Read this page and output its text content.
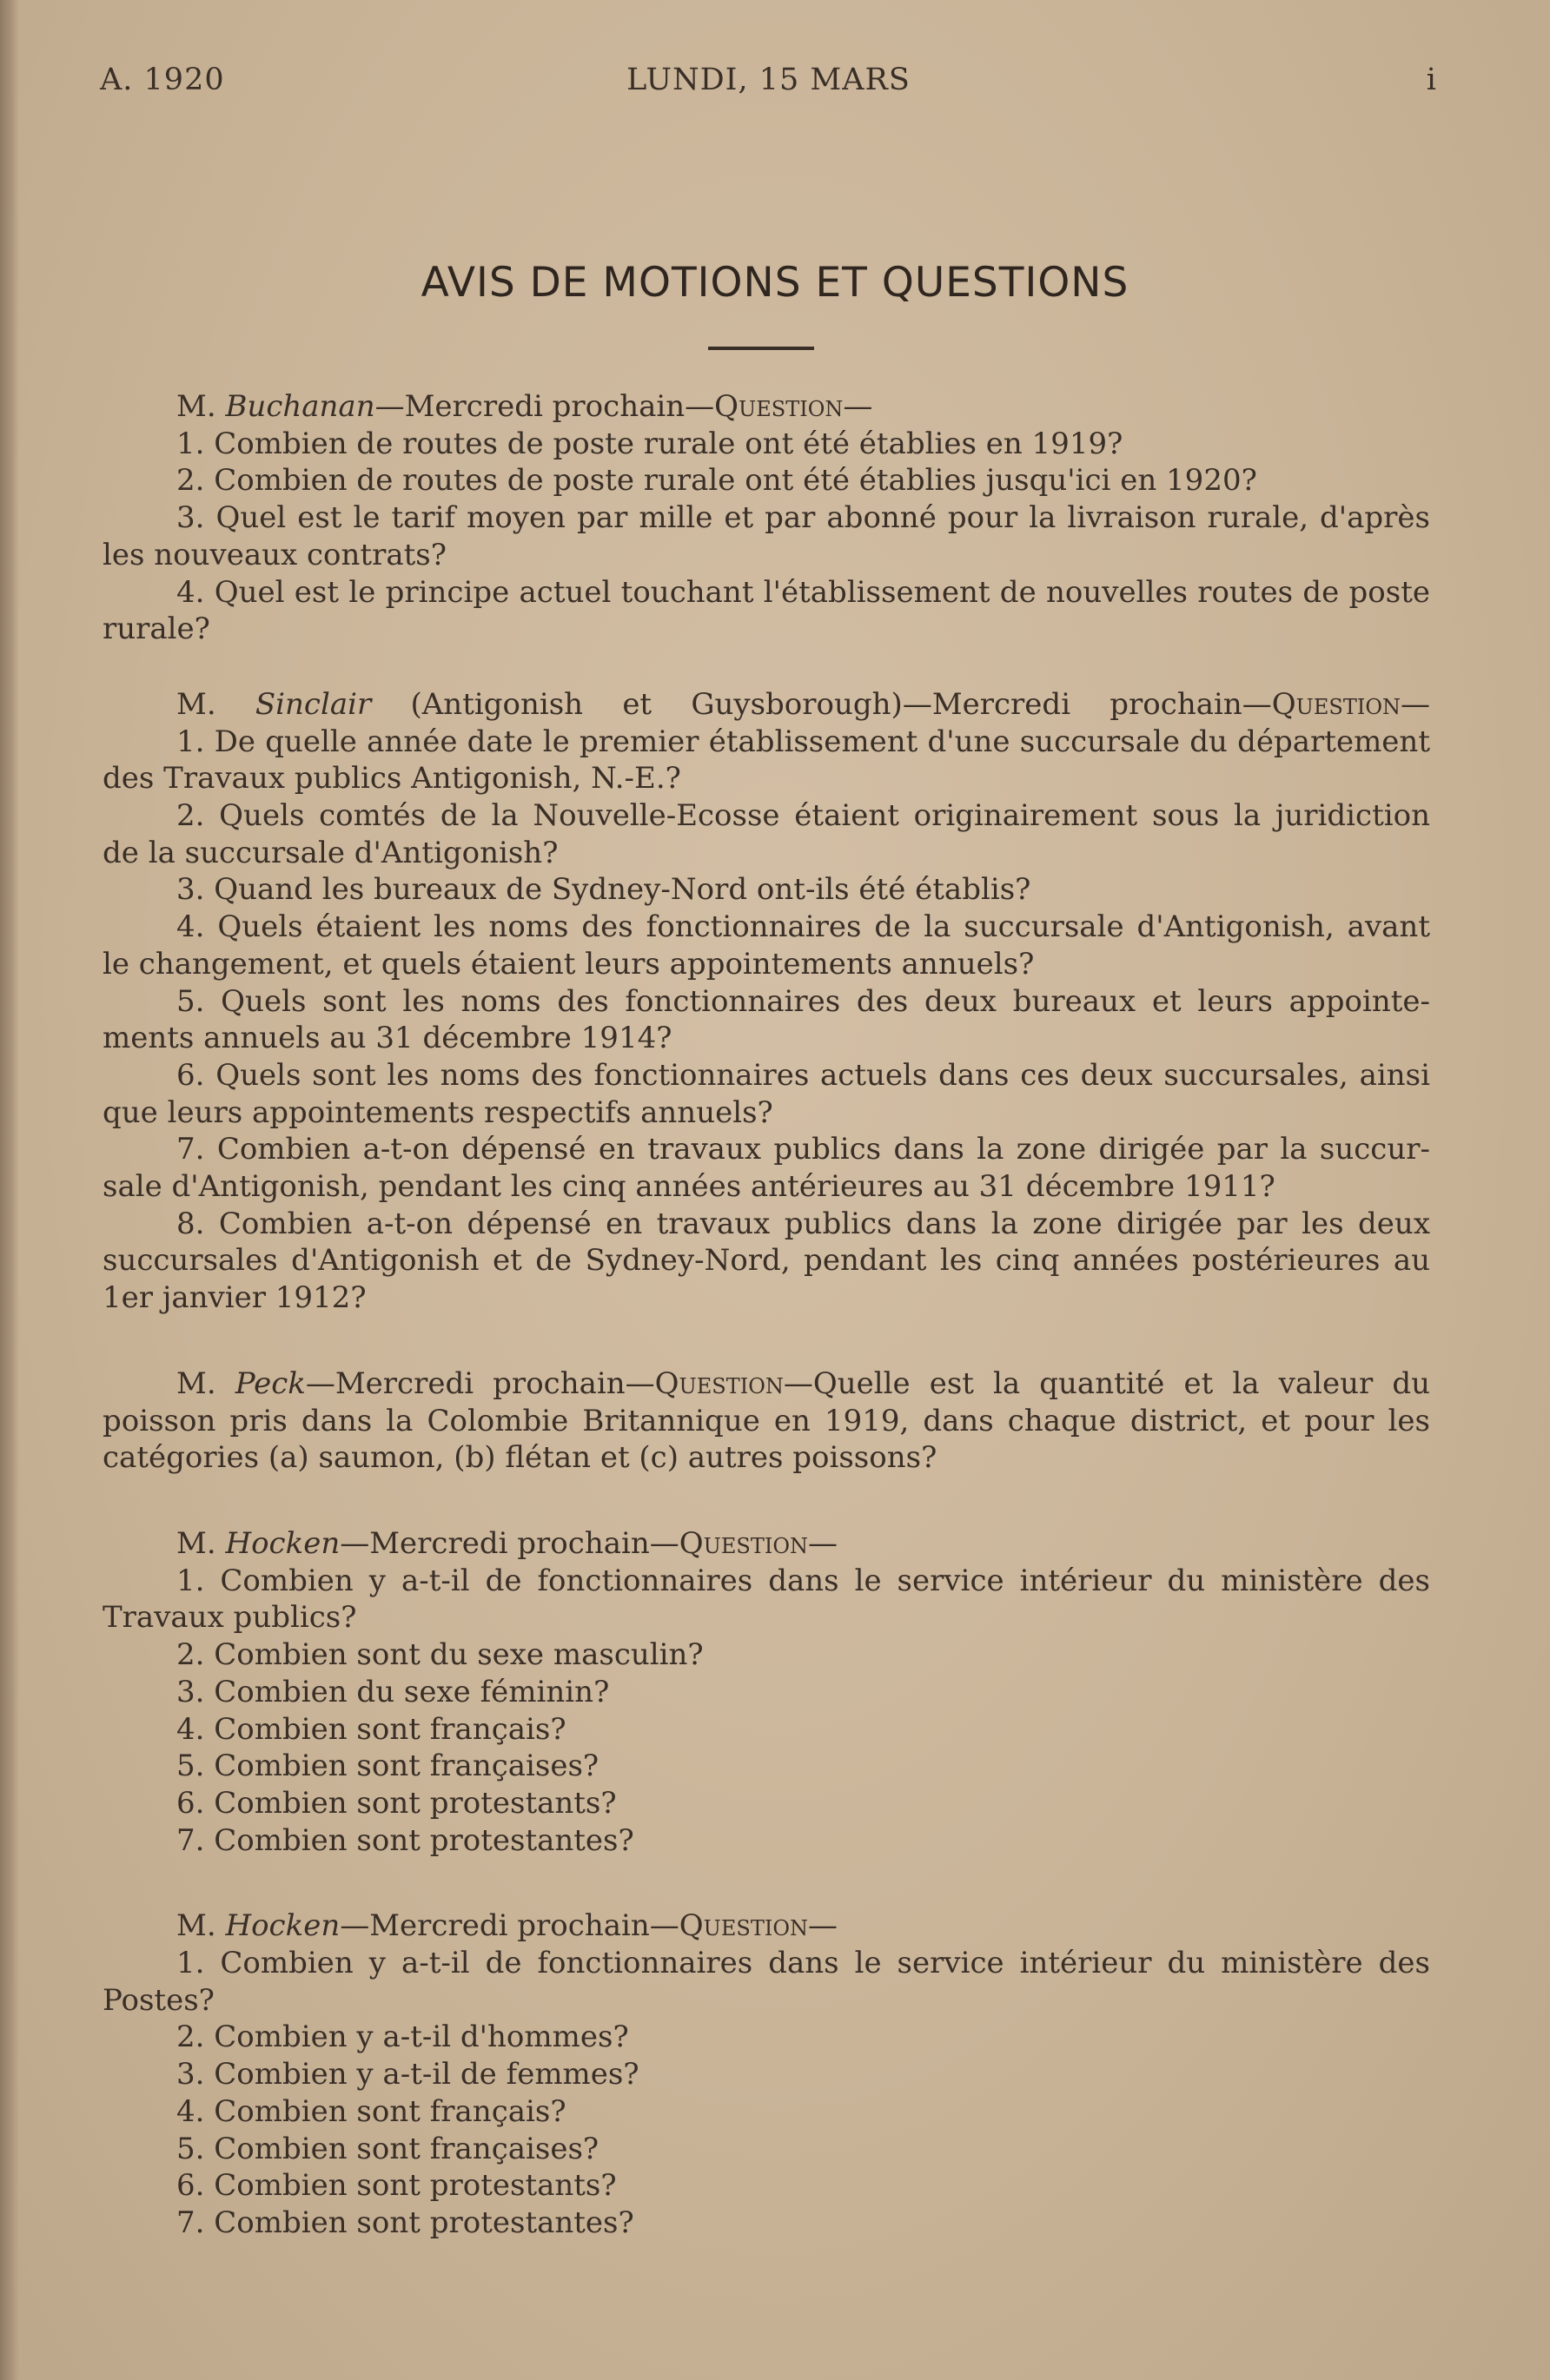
A. 1920	LUNDI, 15 MARS	i
AVIS DE MOTIONS ET QUESTIONS
M. Buchanan—Mercredi prochain—Question—
1. Combien de routes de poste rurale ont été établies en 1919?
2. Combien de routes de poste rurale ont été établies jusqu'ici en 1920?
3. Quel est le tarif moyen par mille et par abonné pour la livraison rurale, d'après
les nouveaux contrats?
4. Quel est le principe actuel touchant l'établissement de nouvelles routes de poste
rurale?
M. Sinclair (Antigonish et Guysborough)—Mercredi prochain—Question—
1. De quelle année date le premier établissement d'une succursale du département
des Travaux publics Antigonish, N.-E.?
2. Quels comtés de la Nouvelle-Ecosse étaient originairement sous la juridiction
de la succursale d'Antigonish?
3. Quand les bureaux de Sydney-Nord ont-ils été établis?
4. Quels étaient les noms des fonctionnaires de la succursale d'Antigonish, avant
le changement, et quels étaient leurs appointements annuels?
5. Quels sont les noms des fonctionnaires des deux bureaux et leurs appointe-
ments annuels au 31 décembre 1914?
6. Quels sont les noms des fonctionnaires actuels dans ces deux succursales, ainsi
que leurs appointements respectifs annuels?
7. Combien a-t-on dépensé en travaux publics dans la zone dirigée par la succur-
sale d'Antigonish, pendant les cinq années antérieures au 31 décembre 1911?
8. Combien a-t-on dépensé en travaux publics dans la zone dirigée par les deux
succursales d'Antigonish et de Sydney-Nord, pendant les cinq années postérieures au
1er janvier 1912?
M. Peck—Mercredi prochain—Question—Quelle est la quantité et la valeur du
poisson pris dans la Colombie Britannique en 1919, dans chaque district, et pour les
catégories (a) saumon, (b) flétan et (c) autres poissons?
M. Hocken—Mercredi prochain—Question—
1. Combien y a-t-il de fonctionnaires dans le service intérieur du ministère des
Travaux publics?
2. Combien sont du sexe masculin?
3. Combien du sexe féminin?
4. Combien sont français?
5. Combien sont françaises?
6. Combien sont protestants?
7. Combien sont protestantes?
M. Hocken—Mercredi prochain—Question—
1. Combien y a-t-il de fonctionnaires dans le service intérieur du ministère des
Postes?
2. Combien y a-t-il d'hommes?
3. Combien y a-t-il de femmes?
4. Combien sont français?
5. Combien sont françaises?
6. Combien sont protestants?
7. Combien sont protestantes?
